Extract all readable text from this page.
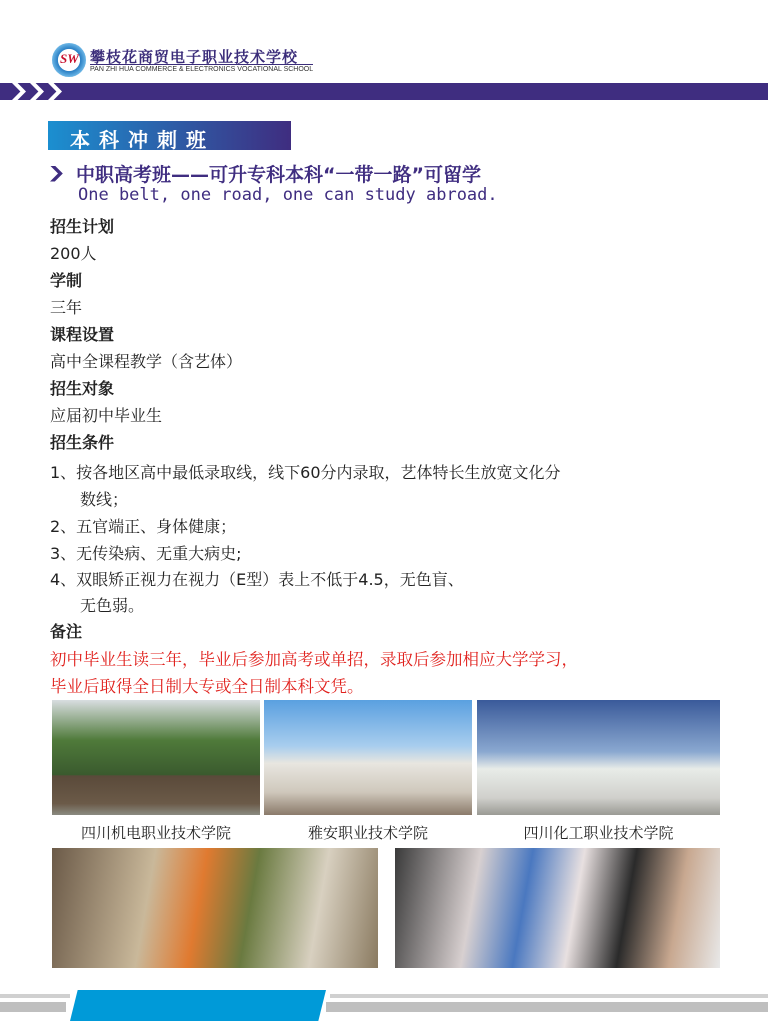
SW 攀枝花商贸电子职业技术学校
PAN ZHI HUA COMMERCE & ELECTRONICS VOCATIONAL SCHOOL
本科冲刺班
中职高考班——可升专科本科“一带一路”可留学
One belt, one road, one can study abroad.
招生计划
200人
学制
三年
课程设置
高中全课程教学（含艺体）
招生对象
应届初中毕业生
招生条件
1、按各地区高中最低录取线，线下60分内录取，艺体特长生放宽文化分
数线；
2、五官端正、身体健康；
3、无传染病、无重大病史;
4、双眼矫正视力在视力（E型）表上不低于4.5，无色盲、
无色弱。
备注
初中毕业生读三年，毕业后参加高考或单招，录取后参加相应大学学习，
毕业后取得全日制大专或全日制本科文凭。
四川机电职业技术学院	雅安职业技术学院	四川化工职业技术学院
